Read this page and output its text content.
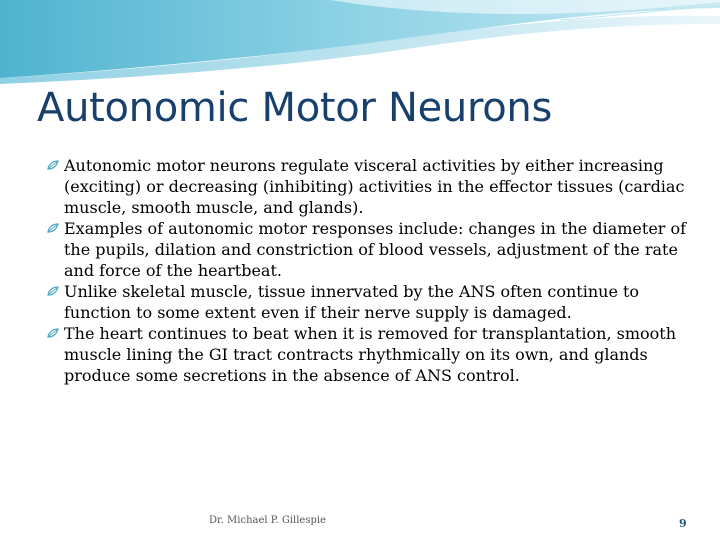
Autonomic Motor Neurons
Autonomic motor neurons regulate visceral activities by either increasing (exciting) or decreasing (inhibiting) activities in the effector tissues (cardiac muscle, smooth muscle, and glands).
Examples of autonomic motor responses include: changes in the diameter of the pupils, dilation and constriction of blood vessels, adjustment of the rate and force of the heartbeat.
Unlike skeletal muscle, tissue innervated by the ANS often continue to function to some extent even if their nerve supply is damaged.
The heart continues to beat when it is removed for transplantation, smooth muscle lining the GI tract contracts rhythmically on its own, and glands produce some secretions in the absence of ANS control.
Dr. Michael P. Gillespie	9
